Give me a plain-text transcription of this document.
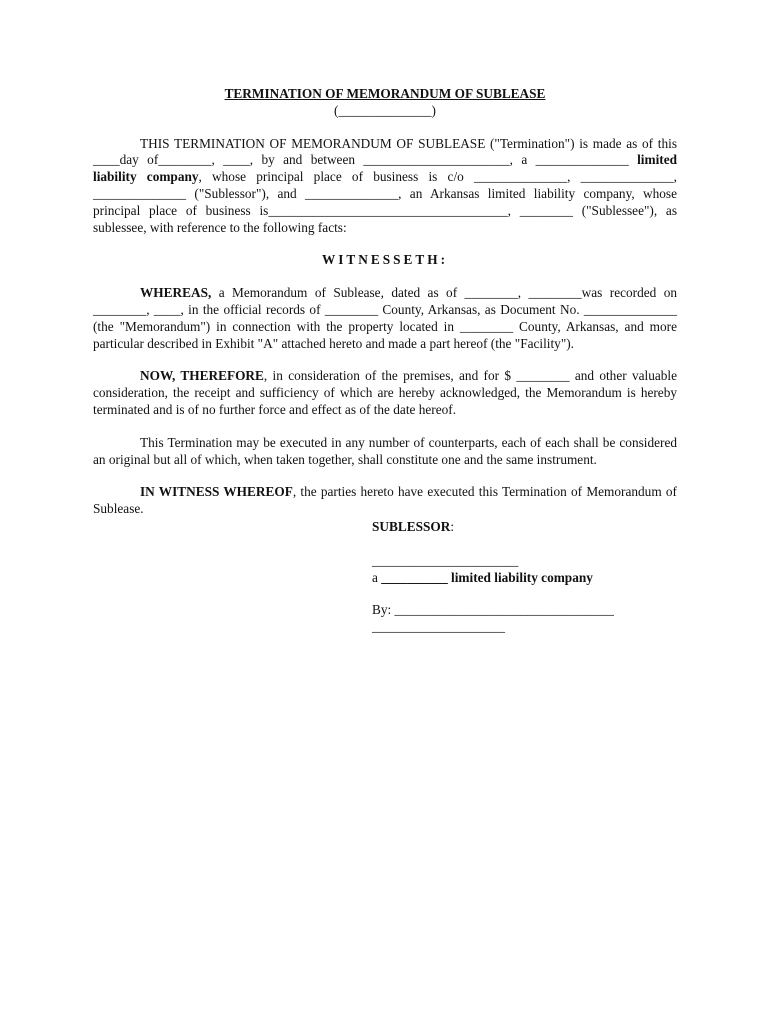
TERMINATION OF MEMORANDUM OF SUBLEASE

(______________)

THIS TERMINATION OF MEMORANDUM OF SUBLEASE ("Termination") is made as of this ____day of________, ____, by and between ______________________, a ______________ limited liability company, whose principal place of business is c/o ______________, ______________, ______________ ("Sublessor"), and ______________, an Arkansas limited liability company, whose principal place of business is____________________________________, ________ ("Sublessee"), as sublessee, with reference to the following facts:

WITNESSETH:

WHEREAS, a Memorandum of Sublease, dated as of ________, ________was recorded on ________, ____, in the official records of ________ County, Arkansas, as Document No. ______________ (the "Memorandum") in connection with the property located in ________ County, Arkansas, and more particular described in Exhibit "A" attached hereto and made a part hereof (the "Facility").

NOW, THEREFORE, in consideration of the premises, and for $ ________ and other valuable consideration, the receipt and sufficiency of which are hereby acknowledged, the Memorandum is hereby terminated and is of no further force and effect as of the date hereof.

This Termination may be executed in any number of counterparts, each of each shall be considered an original but all of which, when taken together, shall constitute one and the same instrument.

IN WITNESS WHEREOF, the parties hereto have executed this Termination of Memorandum of Sublease.

SUBLESSOR:

______________________

a __________ limited liability company

By: _________________________________

____________________
